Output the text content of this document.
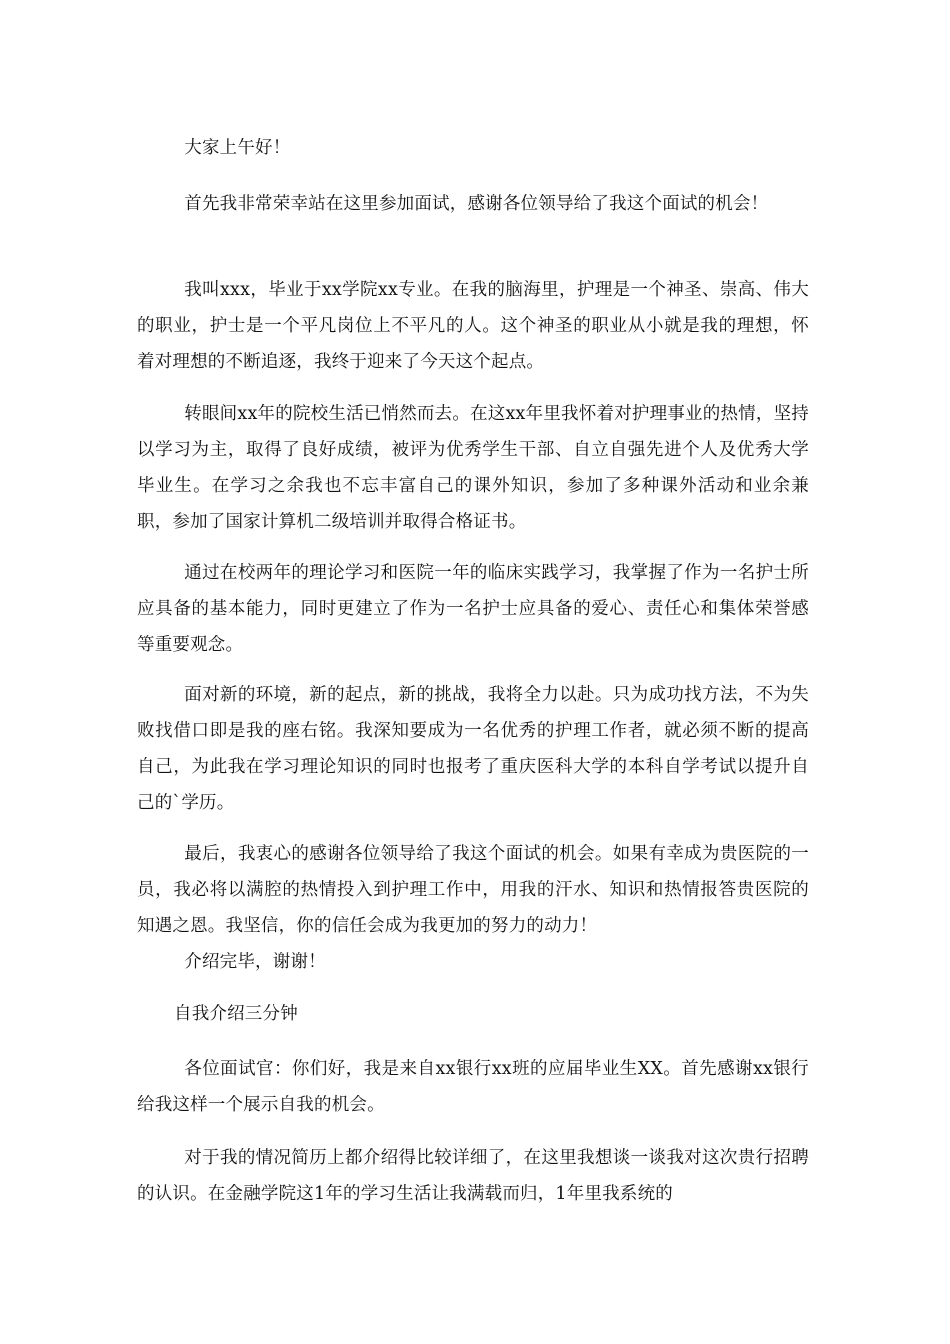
大家上午好！

首先我非常荣幸站在这里参加面试，感谢各位领导给了我这个面试的机会！

我叫xxx，毕业于xx学院xx专业。在我的脑海里，护理是一个神圣、崇高、伟大的职业，护士是一个平凡岗位上不平凡的人。这个神圣的职业从小就是我的理想，怀着对理想的不断追逐，我终于迎来了今天这个起点。

转眼间xx年的院校生活已悄然而去。在这xx年里我怀着对护理事业的热情，坚持以学习为主，取得了良好成绩，被评为优秀学生干部、自立自强先进个人及优秀大学毕业生。在学习之余我也不忘丰富自己的课外知识，参加了多种课外活动和业余兼职，参加了国家计算机二级培训并取得合格证书。

通过在校两年的理论学习和医院一年的临床实践学习，我掌握了作为一名护士所应具备的基本能力，同时更建立了作为一名护士应具备的爱心、责任心和集体荣誉感等重要观念。

面对新的环境，新的起点，新的挑战，我将全力以赴。只为成功找方法，不为失败找借口即是我的座右铭。我深知要成为一名优秀的护理工作者，就必须不断的提高自己，为此我在学习理论知识的同时也报考了重庆医科大学的本科自学考试以提升自己的`学历。

最后，我衷心的感谢各位领导给了我这个面试的机会。如果有幸成为贵医院的一员，我必将以满腔的热情投入到护理工作中，用我的汗水、知识和热情报答贵医院的知遇之恩。我坚信，你的信任会成为我更加的努力的动力！

介绍完毕，谢谢！

自我介绍三分钟

各位面试官：你们好，我是来自xx银行xx班的应届毕业生XX。首先感谢xx银行给我这样一个展示自我的机会。

对于我的情况简历上都介绍得比较详细了，在这里我想谈一谈我对这次贵行招聘的认识。在金融学院这1年的学习生活让我满载而归，1年里我系统的
